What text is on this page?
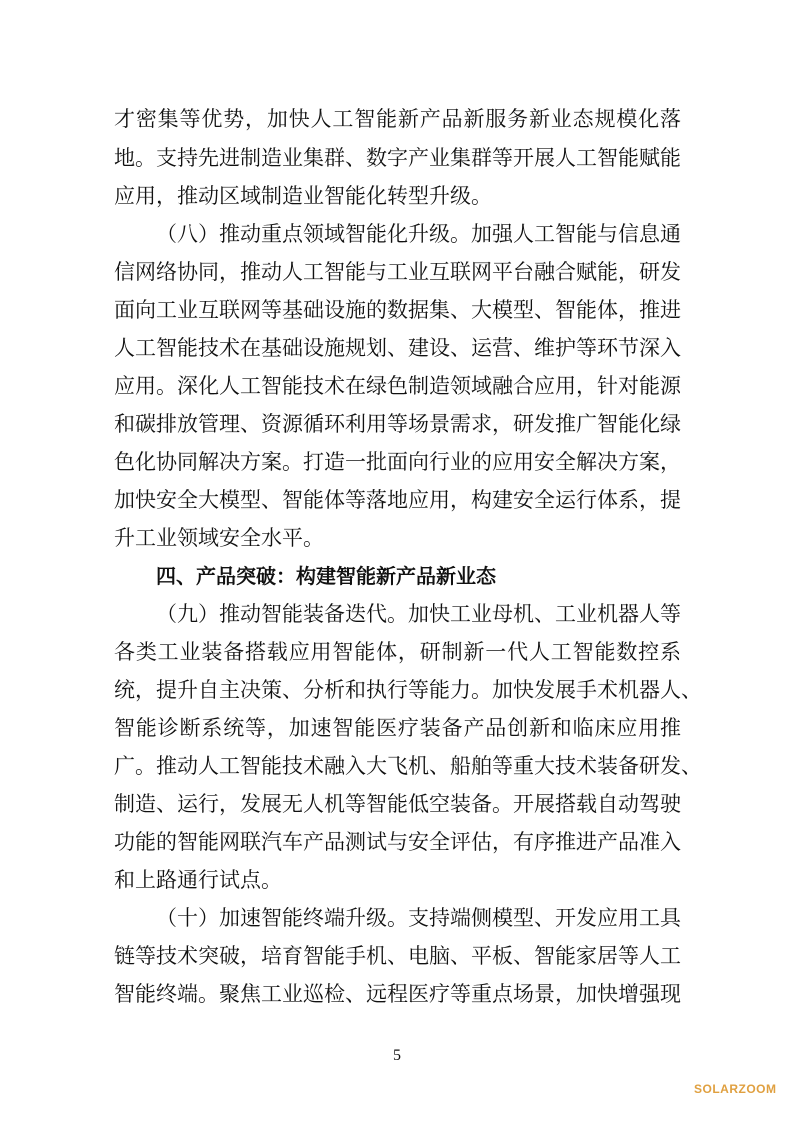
才密集等优势，加快人工智能新产品新服务新业态规模化落
地。支持先进制造业集群、数字产业集群等开展人工智能赋能
应用，推动区域制造业智能化转型升级。
（八）推动重点领域智能化升级。加强人工智能与信息通
信网络协同，推动人工智能与工业互联网平台融合赋能，研发
面向工业互联网等基础设施的数据集、大模型、智能体，推进
人工智能技术在基础设施规划、建设、运营、维护等环节深入
应用。深化人工智能技术在绿色制造领域融合应用，针对能源
和碳排放管理、资源循环利用等场景需求，研发推广智能化绿
色化协同解决方案。打造一批面向行业的应用安全解决方案，
加快安全大模型、智能体等落地应用，构建安全运行体系，提
升工业领域安全水平。
四、产品突破：构建智能新产品新业态
（九）推动智能装备迭代。加快工业母机、工业机器人等
各类工业装备搭载应用智能体，研制新一代人工智能数控系
统，提升自主决策、分析和执行等能力。加快发展手术机器人、
智能诊断系统等，加速智能医疗装备产品创新和临床应用推
广。推动人工智能技术融入大飞机、船舶等重大技术装备研发、
制造、运行，发展无人机等智能低空装备。开展搭载自动驾驶
功能的智能网联汽车产品测试与安全评估，有序推进产品准入
和上路通行试点。
（十）加速智能终端升级。支持端侧模型、开发应用工具
链等技术突破，培育智能手机、电脑、平板、智能家居等人工
智能终端。聚焦工业巡检、远程医疗等重点场景，加快增强现
5
SOLARZOOM
